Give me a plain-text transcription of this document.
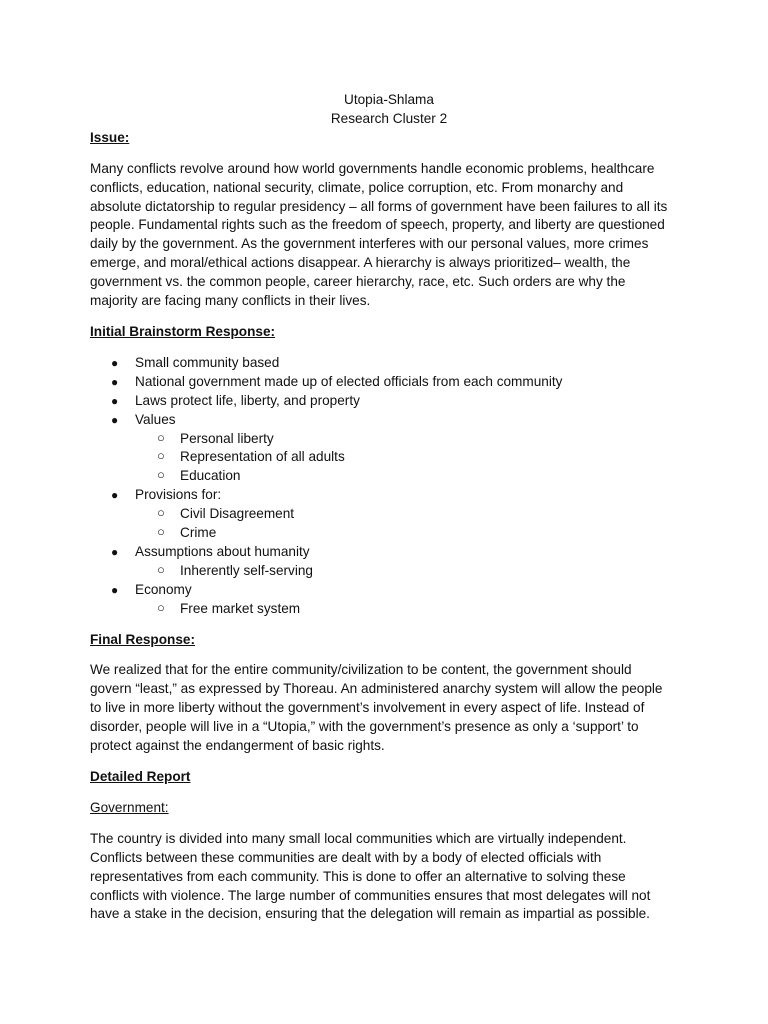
Utopia-Shlama

Research Cluster 2

Issue:

Many conflicts revolve around how world governments handle economic problems, healthcare

conflicts, education, national security, climate, police corruption, etc. From monarchy and

absolute dictatorship to regular presidency – all forms of government have been failures to all its

people. Fundamental rights such as the freedom of speech, property, and liberty are questioned

daily by the government. As the government interferes with our personal values, more crimes

emerge, and moral/ethical actions disappear. A hierarchy is always prioritized– wealth, the

government vs. the common people, career hierarchy, race, etc. Such orders are why the

majority are facing many conflicts in their lives.

Initial Brainstorm Response:

● Small community based
● National government made up of elected officials from each community
● Laws protect life, liberty, and property
● Values
○ Personal liberty
○ Representation of all adults
○ Education
● Provisions for:
○ Civil Disagreement
○ Crime
● Assumptions about humanity
○ Inherently self-serving
● Economy
○ Free market system

Final Response:

We realized that for the entire community/civilization to be content, the government should

govern “least,” as expressed by Thoreau. An administered anarchy system will allow the people

to live in more liberty without the government’s involvement in every aspect of life. Instead of

disorder, people will live in a “Utopia,” with the government’s presence as only a ‘support’ to

protect against the endangerment of basic rights.

Detailed Report

Government:

The country is divided into many small local communities which are virtually independent.

Conflicts between these communities are dealt with by a body of elected officials with

representatives from each community. This is done to offer an alternative to solving these

conflicts with violence. The large number of communities ensures that most delegates will not

have a stake in the decision, ensuring that the delegation will remain as impartial as possible.
